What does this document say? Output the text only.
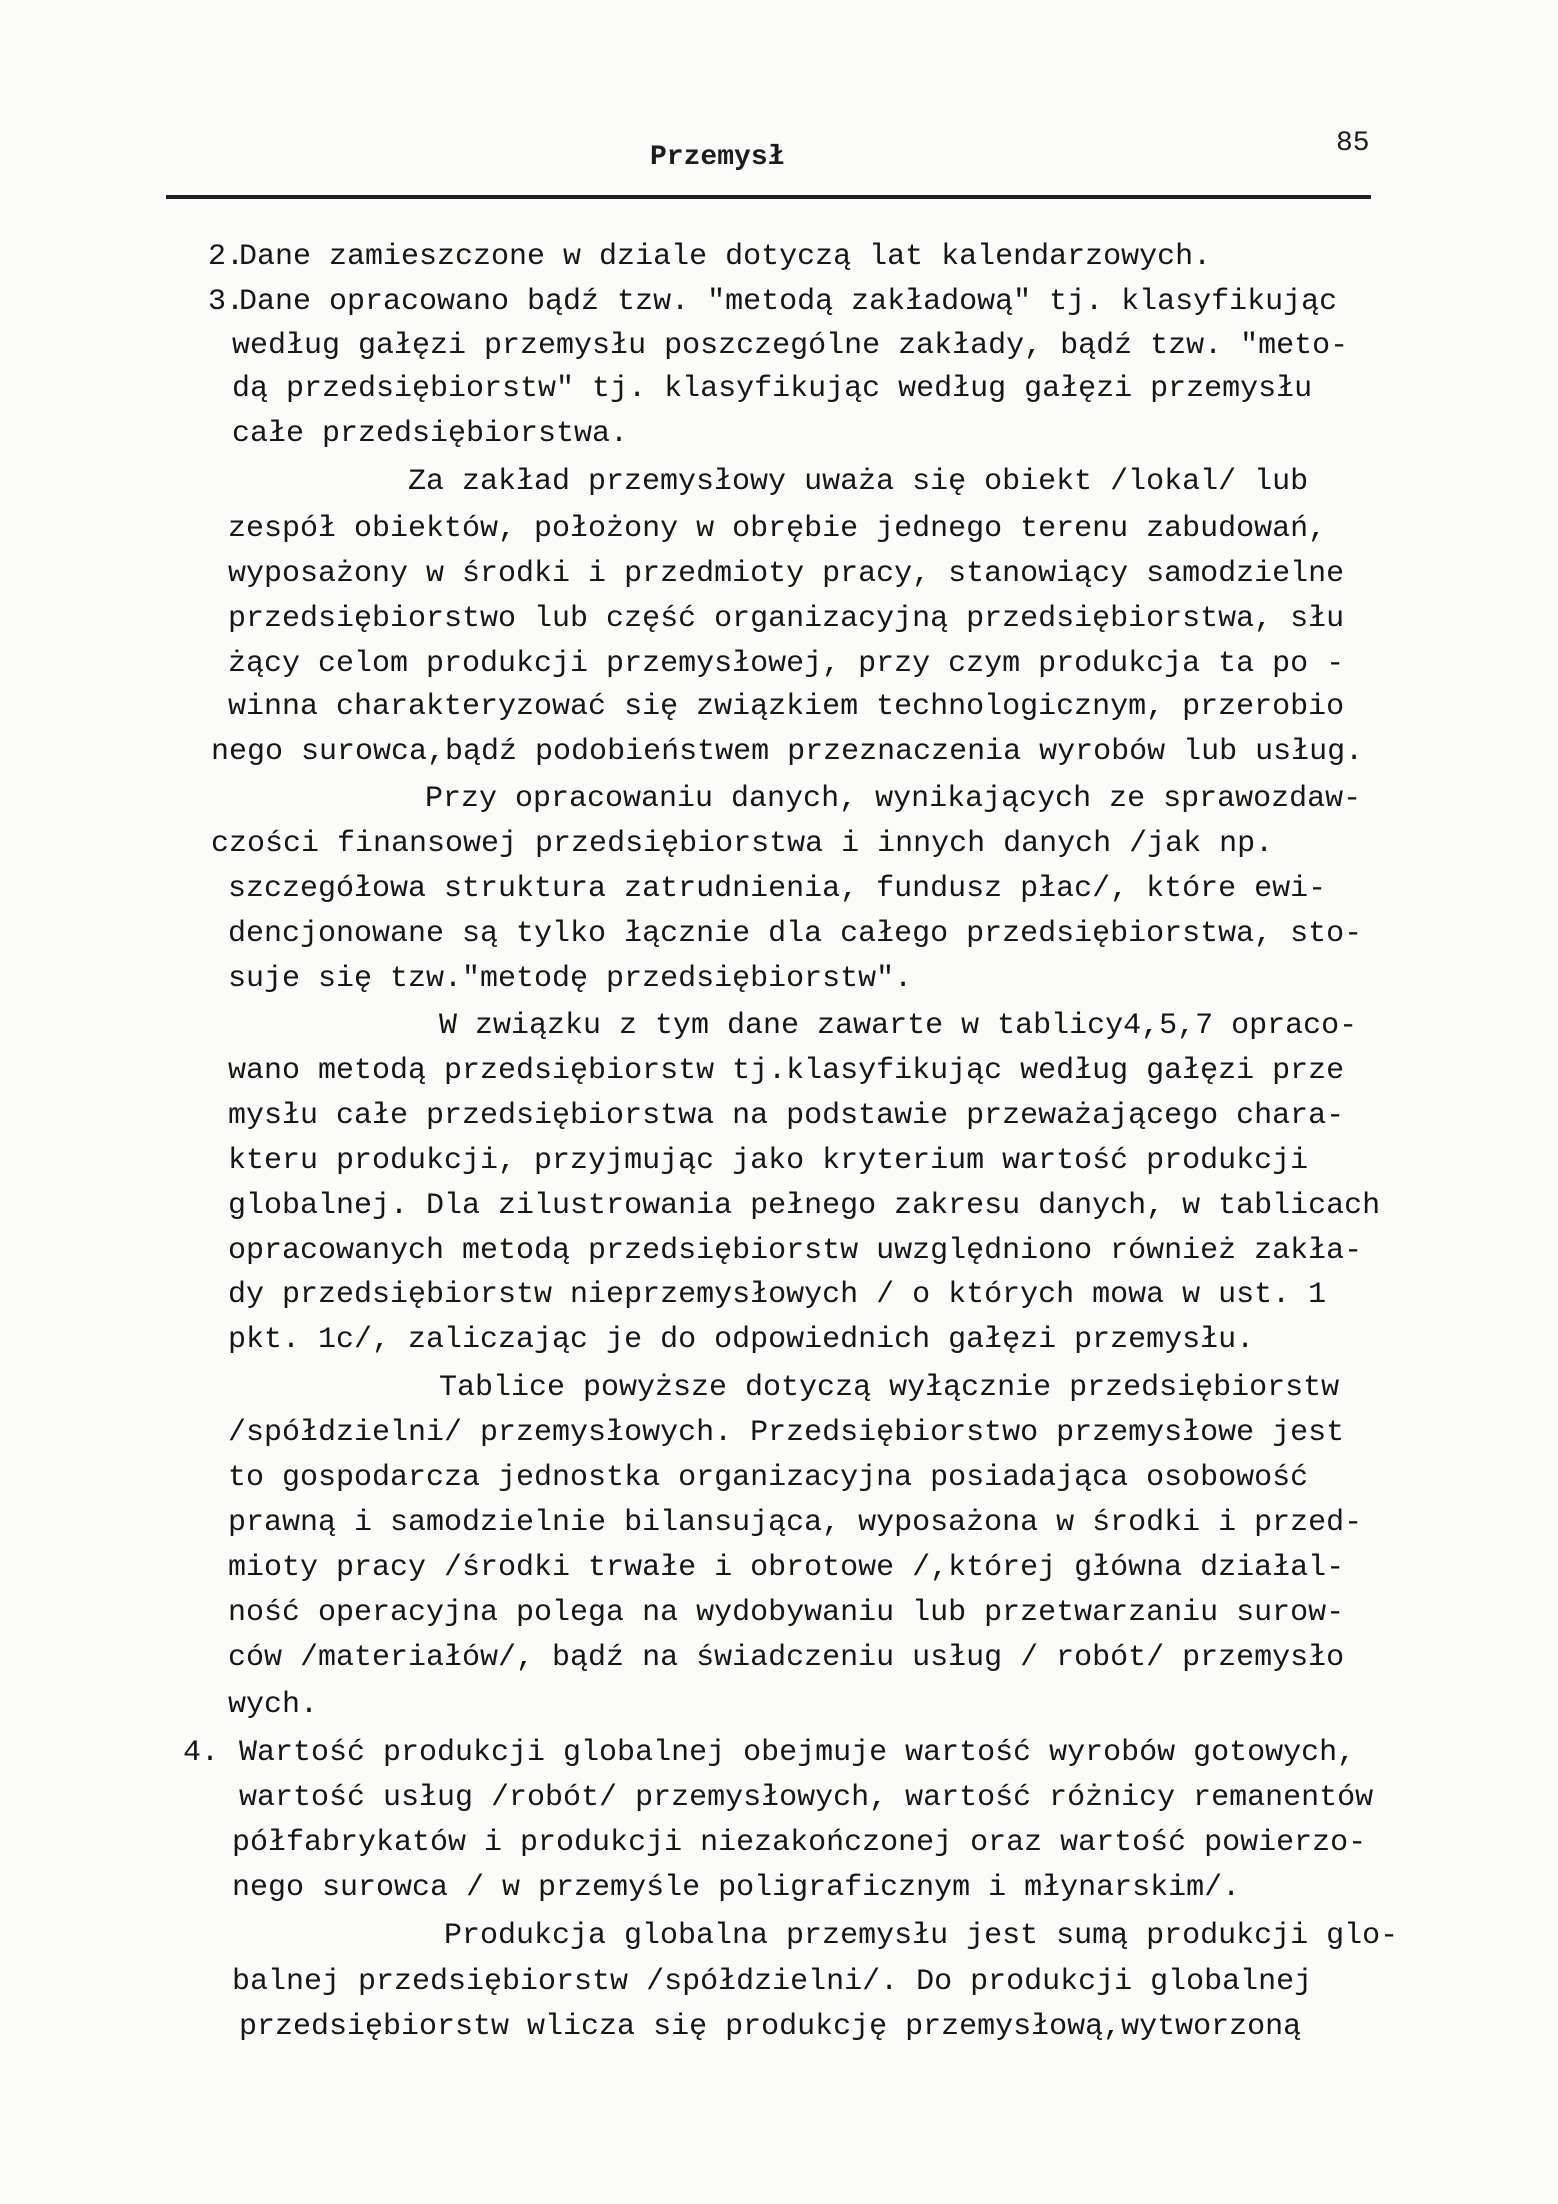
Przemysł	85
2.
Dane zamieszczone w dziale dotyczą lat kalendarzowych.
3.
Dane opracowano bądź tzw. "metodą zakładową" tj. klasyfikując
według gałęzi przemysłu poszczególne zakłady, bądź tzw. "meto-
dą przedsiębiorstw" tj. klasyfikując według gałęzi przemysłu
całe przedsiębiorstwa.
Za zakład przemysłowy uważa się obiekt /lokal/ lub
zespół obiektów, położony w obrębie jednego terenu zabudowań,
wyposażony w środki i przedmioty pracy, stanowiący samodzielne
przedsiębiorstwo lub część organizacyjną przedsiębiorstwa, słu
żący celom produkcji przemysłowej, przy czym produkcja ta po -
winna charakteryzować się związkiem technologicznym, przerobio
nego surowca,bądź podobieństwem przeznaczenia wyrobów lub usług.
Przy opracowaniu danych, wynikających ze sprawozdaw-
czości finansowej przedsiębiorstwa i innych danych /jak np.
szczegółowa struktura zatrudnienia, fundusz płac/, które ewi-
dencjonowane są tylko łącznie dla całego przedsiębiorstwa, sto-
suje się tzw."metodę przedsiębiorstw".
W związku z tym dane zawarte w tablicy4,5,7 opraco-
wano metodą przedsiębiorstw tj.klasyfikując według gałęzi prze
mysłu całe przedsiębiorstwa na podstawie przeważającego chara-
kteru produkcji, przyjmując jako kryterium wartość produkcji
globalnej. Dla zilustrowania pełnego zakresu danych, w tablicach
opracowanych metodą przedsiębiorstw uwzględniono również zakła-
dy przedsiębiorstw nieprzemysłowych / o których mowa w ust. 1
pkt. 1c/, zaliczając je do odpowiednich gałęzi przemysłu.
Tablice powyższe dotyczą wyłącznie przedsiębiorstw
/spółdzielni/ przemysłowych. Przedsiębiorstwo przemysłowe jest
to gospodarcza jednostka organizacyjna posiadająca osobowość
prawną i samodzielnie bilansująca, wyposażona w środki i przed-
mioty pracy /środki trwałe i obrotowe /,której główna działal-
ność operacyjna polega na wydobywaniu lub przetwarzaniu surow-
ców /materiałów/, bądź na świadczeniu usług / robót/ przemysło
wych.
4. Wartość produkcji globalnej obejmuje wartość wyrobów gotowych,
wartość usług /robót/ przemysłowych, wartość różnicy remanentów
półfabrykatów i produkcji niezakończonej oraz wartość powierzo-
nego surowca / w przemyśle poligraficznym i młynarskim/.
Produkcja globalna przemysłu jest sumą produkcji glo-
balnej przedsiębiorstw /spółdzielni/. Do produkcji globalnej
przedsiębiorstw wlicza się produkcję przemysłową,wytworzoną
